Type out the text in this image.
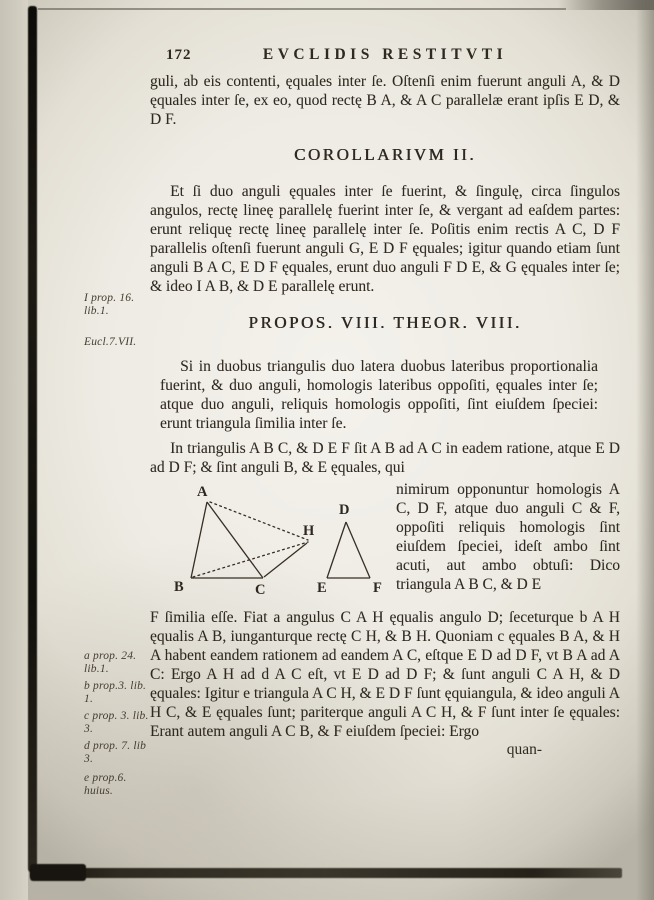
I prop. 16. lib.1.
Eucl.7.VII.
a prop. 24. lib.1.
b prop.3. lib. 1.
c prop. 3. lib. 3.
d prop. 7. lib 3.
e prop.6. huius.
172	EVCLIDIS RESTITVTI

guli, ab eis contenti, ęquales inter ſe. Oſtenſi enim fuerunt anguli A, & D ęquales inter ſe, ex eo, quod rectę B A, & A C parallelæ erant ipſis E D, & D F.

COROLLARIVM II.

Et ſi duo anguli ęquales inter ſe fuerint, & ſingulę, circa ſingulos angulos, rectę lineę parallelę fuerint inter ſe, & vergant ad eaſdem partes: erunt reliquę rectę lineę parallelę inter ſe. Poſitis enim rectis A C, D F parallelis oſtenſi fuerunt anguli G, E D F ęquales; igitur quando etiam ſunt anguli B A C, E D F ęquales, erunt duo anguli F D E, & G ęquales inter ſe; & ideo I A B, & D E parallelę erunt.

PROPOS. VIII. THEOR. VIII.

Si in duobus triangulis duo latera duobus lateribus proportionalia fuerint, & duo anguli, homologis lateribus oppoſiti, ęquales inter ſe; atque duo anguli, reliquis homologis oppoſiti, ſint eiuſdem ſpeciei: erunt triangula ſimilia inter ſe.

In triangulis A B C, & D E F ſit A B ad A C in eadem ratione, atque E D ad D F; & ſint anguli B, & E ęquales, qui

A
B	C
H
D
E	F

nimirum opponuntur homologis A C, D F, atque duo anguli C & F, oppoſiti reliquis homologis ſint eiuſdem ſpeciei, ideſt ambo ſint acuti, aut ambo obtuſi: Dico triangula A B C, & D E

F ſimilia eſſe. Fiat a angulus C A H ęqualis angulo D; ſeceturque b A H ęqualis A B, iunganturque rectę C H, & B H. Quoniam c ęquales B A, & H A habent eandem rationem ad eandem A C, eſtque E D ad D F, vt B A ad A C: Ergo A H ad d A C eſt, vt E D ad D F; & ſunt anguli C A H, & D ęquales: Igitur e triangula A C H, & E D F ſunt ęquiangula, & ideo anguli A H C, & E ęquales ſunt; pariterque anguli A C H, & F ſunt inter ſe ęquales: Erant autem anguli A C B, & F eiuſdem ſpeciei: Ergo

quan-
